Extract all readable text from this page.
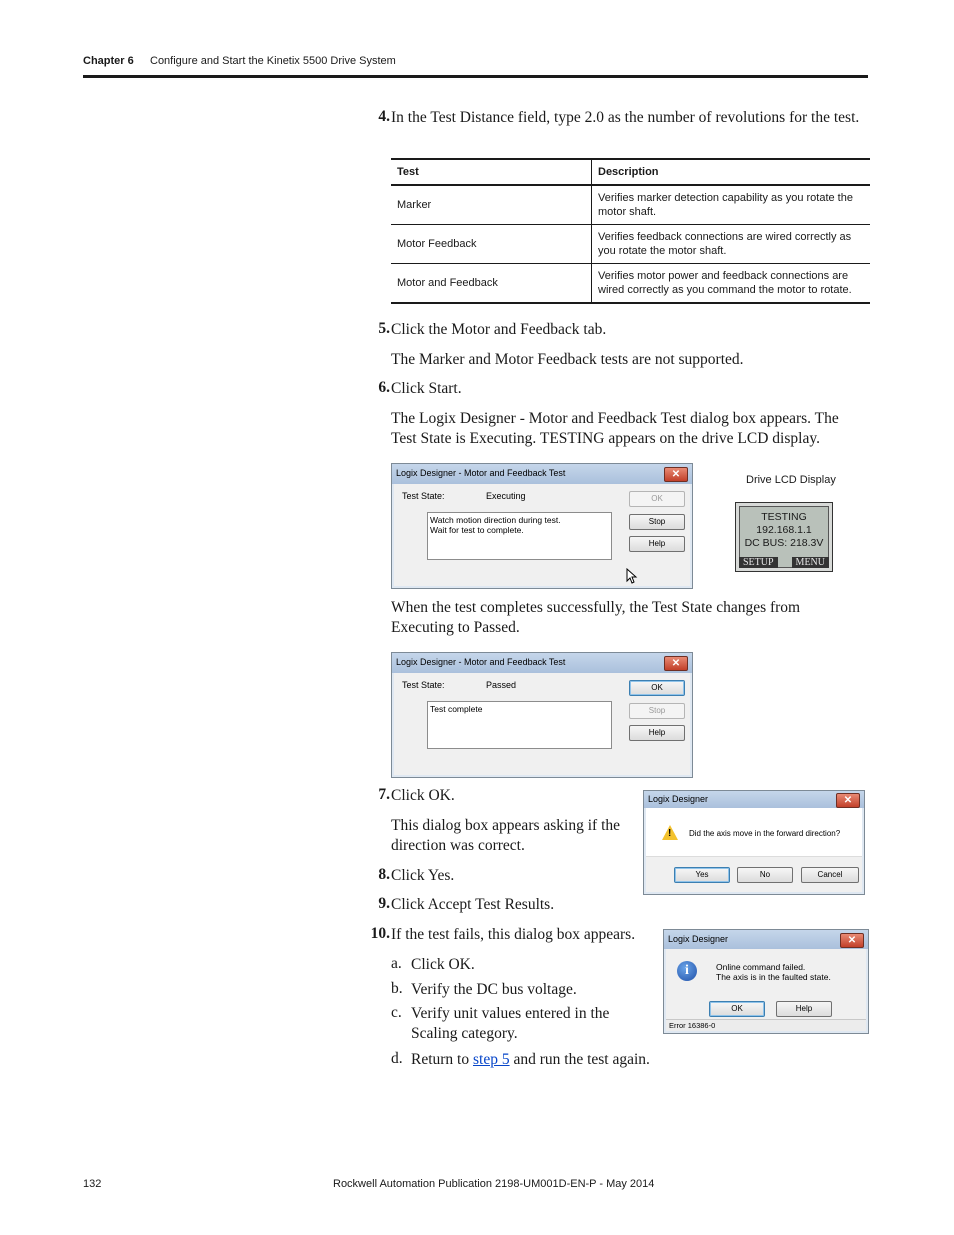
Chapter 6 Configure and Start the Kinetix 5500 Drive System
4. In the Test Distance field, type 2.0 as the number of revolutions for the test.
Test	Description
Marker	Verifies marker detection capability as you rotate the motor shaft.
Motor Feedback	Verifies feedback connections are wired correctly as you rotate the motor shaft.
Motor and Feedback	Verifies motor power and feedback connections are wired correctly as you command the motor to rotate.
5. Click the Motor and Feedback tab.
The Marker and Motor Feedback tests are not supported.
6. Click Start.
The Logix Designer - Motor and Feedback Test dialog box appears. The Test State is Executing. TESTING appears on the drive LCD display.
Logix Designer - Motor and Feedback Test	✕
Test State:	Executing
Watch motion direction during test.
Wait for test to complete.
OK
Stop
Help
Drive LCD Display
TESTING
192.168.1.1
DC BUS: 218.3V
SETUP	MENU
When the test completes successfully, the Test State changes from Executing to Passed.
Logix Designer - Motor and Feedback Test	✕
Test State:	Passed
Test complete
OK
Stop
Help
7. Click OK.
This dialog box appears asking if the direction was correct.
Logix Designer	✕
!
Did the axis move in the forward direction?
Yes	No	Cancel
8. Click Yes.
9. Click Accept Test Results.
10. If the test fails, this dialog box appears.
a. Click OK.
b. Verify the DC bus voltage.
c. Verify unit values entered in the Scaling category.
d. Return to step 5 and run the test again.
Logix Designer	✕
i	Online command failed.
The axis is in the faulted state.
OK	Help
Error 16386-0
132	Rockwell Automation Publication 2198-UM001D-EN-P - May 2014
